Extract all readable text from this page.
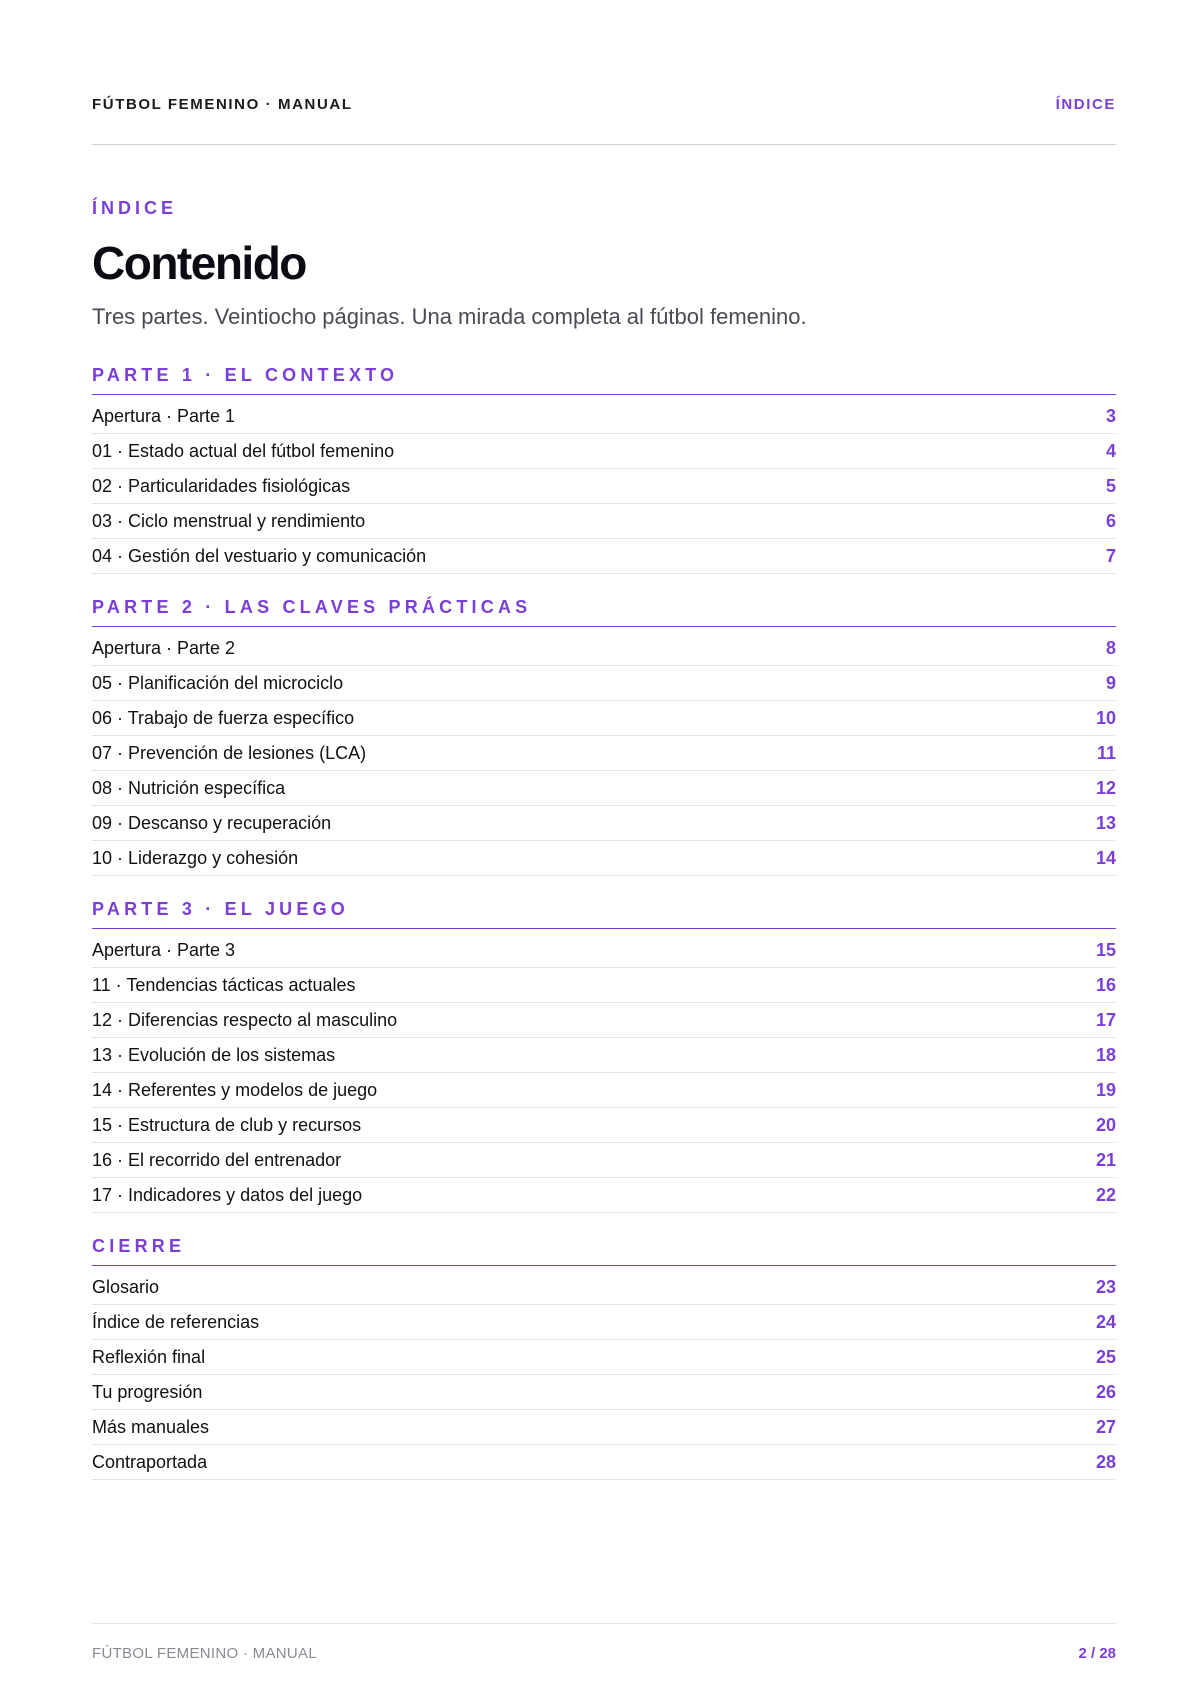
FÚTBOL FEMENINO · MANUAL	ÍNDICE
ÍNDICE
Contenido
Tres partes. Veintiocho páginas. Una mirada completa al fútbol femenino.
PARTE 1 · EL CONTEXTO
Apertura · Parte 1	3
01 · Estado actual del fútbol femenino	4
02 · Particularidades fisiológicas	5
03 · Ciclo menstrual y rendimiento	6
04 · Gestión del vestuario y comunicación	7
PARTE 2 · LAS CLAVES PRÁCTICAS
Apertura · Parte 2	8
05 · Planificación del microciclo	9
06 · Trabajo de fuerza específico	10
07 · Prevención de lesiones (LCA)	11
08 · Nutrición específica	12
09 · Descanso y recuperación	13
10 · Liderazgo y cohesión	14
PARTE 3 · EL JUEGO
Apertura · Parte 3	15
11 · Tendencias tácticas actuales	16
12 · Diferencias respecto al masculino	17
13 · Evolución de los sistemas	18
14 · Referentes y modelos de juego	19
15 · Estructura de club y recursos	20
16 · El recorrido del entrenador	21
17 · Indicadores y datos del juego	22
CIERRE
Glosario	23
Índice de referencias	24
Reflexión final	25
Tu progresión	26
Más manuales	27
Contraportada	28
FÚTBOL FEMENINO · MANUAL	2 / 28
